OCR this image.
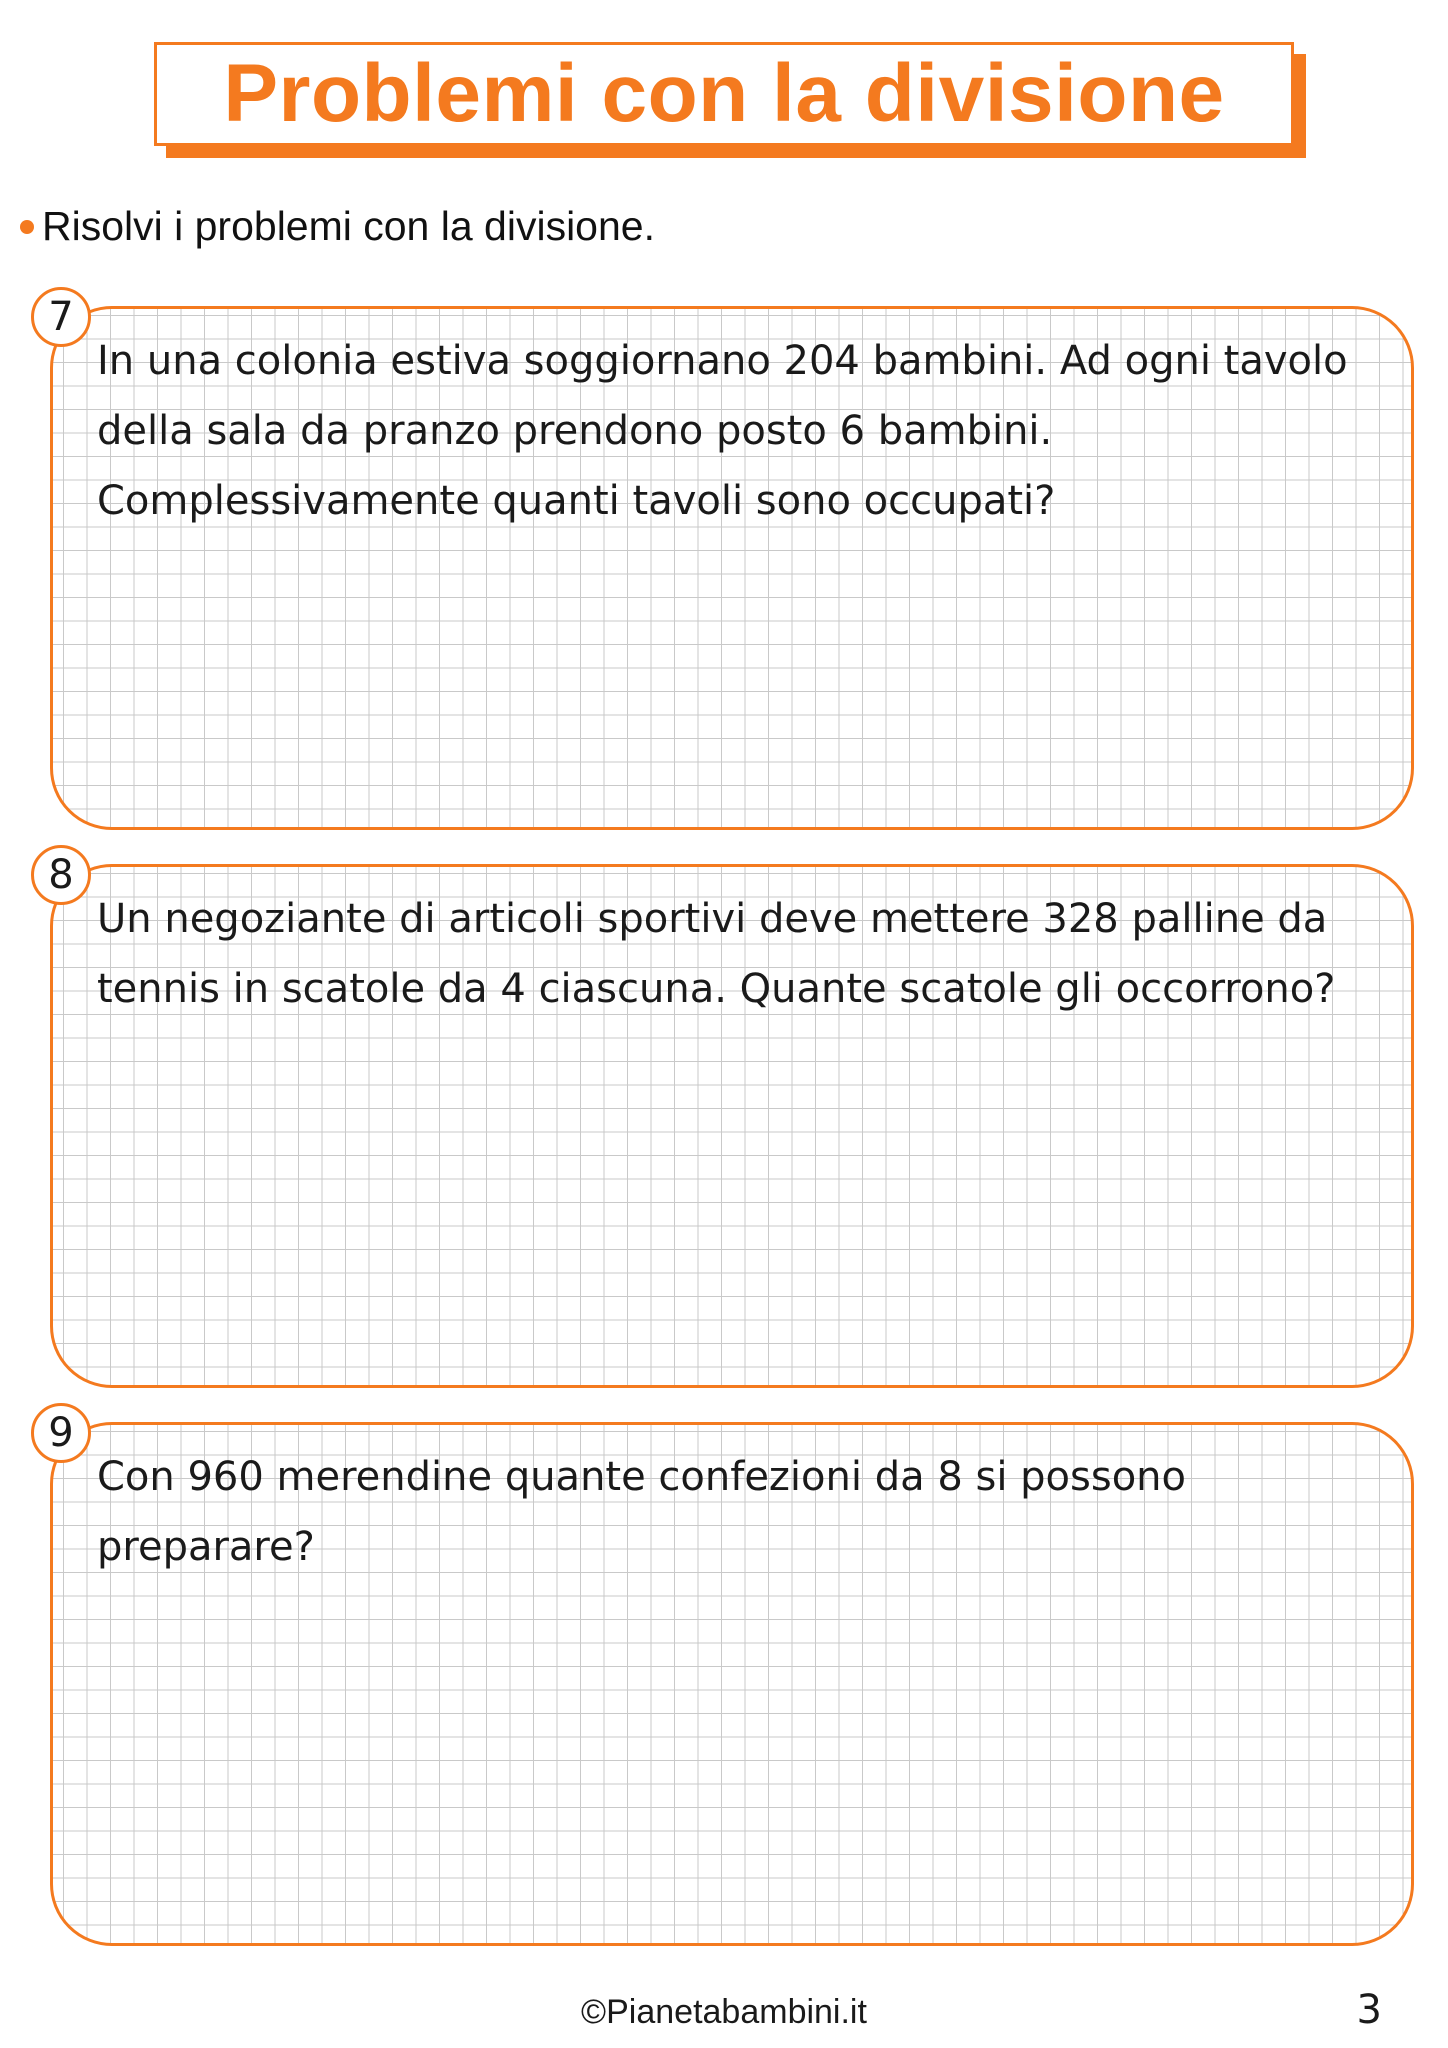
Problemi con la divisione
Risolvi i problemi con la divisione.
7

In una colonia estiva soggiornano 204 bambini. Ad ogni tavolo della sala da pranzo prendono posto 6 bambini. Complessivamente quanti tavoli sono occupati?

8

Un negoziante di articoli sportivi deve mettere 328 palline da tennis in scatole da 4 ciascuna. Quante scatole gli occorrono?

9

Con 960 merendine quante confezioni da 8 si possono preparare?

©Pianetabambini.it	3
